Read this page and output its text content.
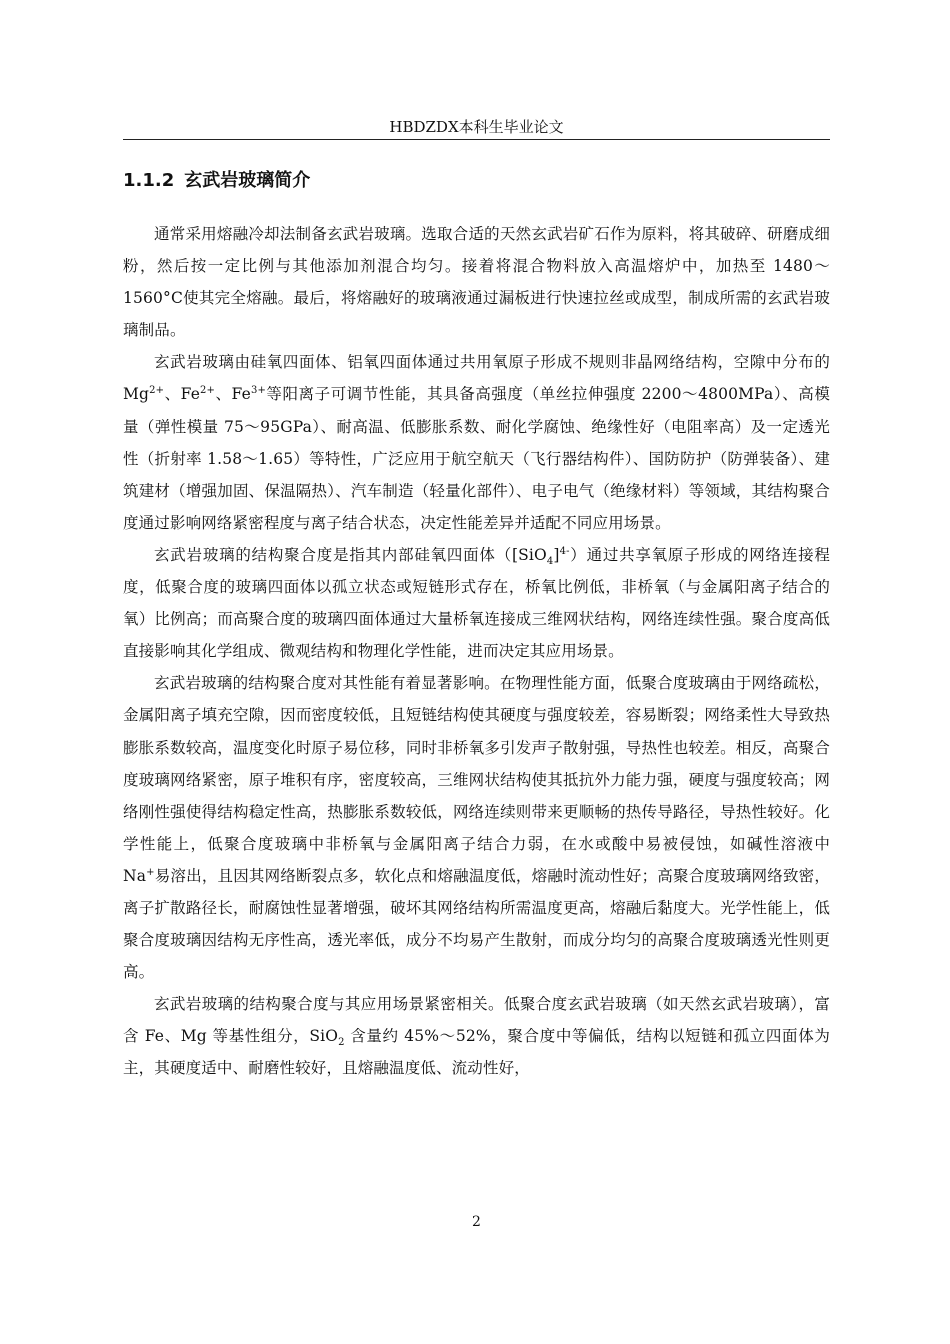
HBDZDX本科生毕业论文
1.1.2 玄武岩玻璃简介

通常采用熔融冷却法制备玄武岩玻璃。选取合适的天然玄武岩矿石作为原料，将其破碎、研磨成细粉，然后按一定比例与其他添加剂混合均匀。接着将混合物料放入高温熔炉中，加热至 1480～1560°C使其完全熔融。最后，将熔融好的玻璃液通过漏板进行快速拉丝或成型，制成所需的玄武岩玻璃制品。

玄武岩玻璃由硅氧四面体、铝氧四面体通过共用氧原子形成不规则非晶网络结构，空隙中分布的 $Mg^{2+}$、$Fe^{2+}$、$Fe^{3+}$等阳离子可调节性能，其具备高强度（单丝拉伸强度 2200～4800MPa）、高模量（弹性模量 75～95GPa）、耐高温、低膨胀系数、耐化学腐蚀、绝缘性好（电阻率高）及一定透光性（折射率 1.58～1.65）等特性，广泛应用于航空航天（飞行器结构件）、国防防护（防弹装备）、建筑建材（增强加固、保温隔热）、汽车制造（轻量化部件）、电子电气（绝缘材料）等领域，其结构聚合度通过影响网络紧密程度与离子结合状态，决定性能差异并适配不同应用场景。

玄武岩玻璃的结构聚合度是指其内部硅氧四面体$([SiO_4]^{4-})$通过共享氧原子形成的网络连接程度，低聚合度的玻璃四面体以孤立状态或短链形式存在，桥氧比例低，非桥氧（与金属阳离子结合的氧）比例高；而高聚合度的玻璃四面体通过大量桥氧连接成三维网状结构，网络连续性强。聚合度高低直接影响其化学组成、微观结构和物理化学性能，进而决定其应用场景。

玄武岩玻璃的结构聚合度对其性能有着显著影响。在物理性能方面，低聚合度玻璃由于网络疏松，金属阳离子填充空隙，因而密度较低，且短链结构使其硬度与强度较差，容易断裂；网络柔性大导致热膨胀系数较高，温度变化时原子易位移，同时非桥氧多引发声子散射强，导热性也较差。相反，高聚合度玻璃网络紧密，原子堆积有序，密度较高，三维网状结构使其抵抗外力能力强，硬度与强度较高；网络刚性强使得结构稳定性高，热膨胀系数较低，网络连续则带来更顺畅的热传导路径，导热性较好。化学性能上，低聚合度玻璃中非桥氧与金属阳离子结合力弱，在水或酸中易被侵蚀，如碱性溶液中 Na+易溶出，且因其网络断裂点多，软化点和熔融温度低，熔融时流动性好；高聚合度玻璃网络致密，离子扩散路径长，耐腐蚀性显著增强，破坏其网络结构所需温度更高，熔融后黏度大。光学性能上，低聚合度玻璃因结构无序性高，透光率低，成分不均易产生散射，而成分均匀的高聚合度玻璃透光性则更高。

玄武岩玻璃的结构聚合度与其应用场景紧密相关。低聚合度玄武岩玻璃（如天然玄武岩玻璃），富含 Fe、Mg 等基性组分，SiO$_2$ 含量约 45%～52%，聚合度中等偏低，结构以短链和孤立四面体为主，其硬度适中、耐磨性较好，且熔融温度低、流动性好，

2
